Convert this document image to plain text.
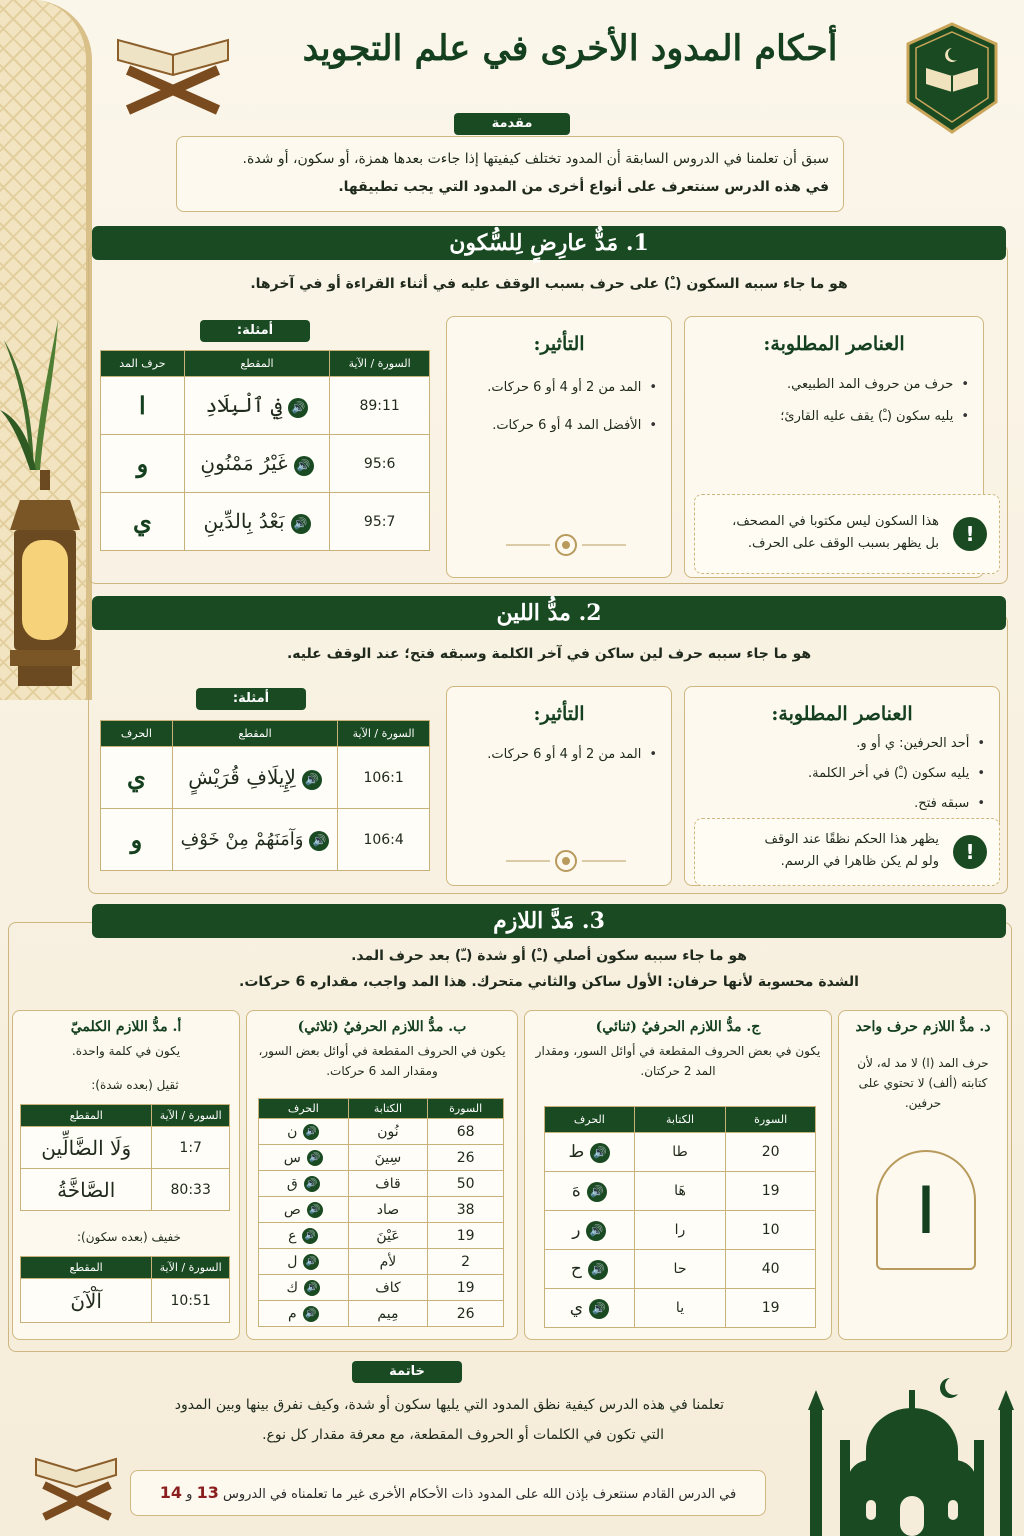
أحكام المدود الأخرى في علم التجويد
مقدمة
سبق أن تعلمنا في الدروس السابقة أن المدود تختلف كيفيتها إذا جاءت بعدها همزة، أو سكون، أو شدة.
في هذه الدرس سنتعرف على أنواع أخرى من المدود التي يجب تطبيقها.
1. مَدٌّ عارِضٍ لِلسُّكون
هو ما جاء سببه السكون (ـْ) على حرف بسبب الوقف عليه في أثناء القراءة أو في آخرها.
العناصر المطلوبة:
• حرف من حروف المد الطبيعي.
• يليه سكون (ـْ) يقف عليه القارئ؛
هذا السكون ليس مكتوبا في المصحف،
بل يظهر بسبب الوقف على الحرف.	!
التأثير:
• المد من 2 أو 4 أو 6 حركات.
• الأفضل المد 4 أو 6 حركات.
أمثلة:
السورة / الآية	المقطع	حرف المد
89:11	🔊فِي ٱلْبِلَادِ	ا
95:6	🔊غَيْرُ مَمْنُونِ	و
95:7	🔊بَعْدُ بِالدِّينِ	ي
2. مدُّ اللين
هو ما جاء سببه حرف لين ساكن في آخر الكلمة وسبقه فتح؛ عند الوقف عليه.
العناصر المطلوبة:
• أحد الحرفين: ي أو و.
• يليه سكون (ـْ) في أخر الكلمة.
• سبقه فتح.
يظهر هذا الحكم نظقًا عند الوقف
ولو لم يكن ظاهرا في الرسم.	!
التأثير:
• المد من 2 أو 4 أو 6 حركات.
أمثلة:
السورة / الآية	المقطع	الحرف
106:1	🔊لِإِيلَافِ قُرَيْشٍ	ي
106:4	🔊وَآمَنَهُمْ مِنْ خَوْفِ	و
3. مَدَّ اللازم
هو ما جاء سببه سكون أصلي (ـْ) أو شدة (ـّ) بعد حرف المد.
الشدة محسوبة لأنها حرفان: الأول ساكن والثاني متحرك. هذا المد واجب، مقداره 6 حركات.
د. مدُّ اللازم حرف واحد

حرف المد (ا) لا مد له، لأن كتابته (ألف) لا تحتوي على حرفين.

ا
ج. مدُّ اللازم الحرفيُ (ثنائي)

يكون في بعض الحروف المقطعة في أوائل السور، ومقدار المد 2 حركتان.

السورة	الكتابة	الحرف
20	طا	🔊ط
19	هَا	🔊هَ
10	را	🔊ر
40	حا	🔊ح
19	يا	🔊ي
ب. مدُّ اللازم الحرفيُ (ثلاثي)

يكون في الحروف المقطعة في أوائل بعض السور، ومقدار المد 6 حركات.

السورة	الكتابة	الحرف
68	نُون	🔊ن
26	سِينَ	🔊س
50	قاف	🔊ق
38	صاد	🔊ص
19	عَيْنَ	🔊ع
2	لأم	🔊ل
19	كاف	🔊ك
26	مِيم	🔊م
أ. مدُّ اللازم الكلميّ

يكون في كلمة واحدة.

ثقيل (بعده شدة):
السورة / الآية	المقطع
1:7	وَلَا الضَّالِّين
80:33	الصَّاخَّةُ
خفيف (بعده سكون):
السورة / الآية	المقطع
10:51	آلْآنَ
خاتمة
تعلمنا في هذه الدرس كيفية نظق المدود التي يليها سكون أو شدة، وكيف نفرق بينها وبين المدود
التي تكون في الكلمات أو الحروف المقطعة، مع معرفة مقدار كل نوع.
في الدرس القادم سنتعرف بإذن الله على المدود ذات الأحكام الأخرى غير ما تعلمناه في الدروس 13 و 14
